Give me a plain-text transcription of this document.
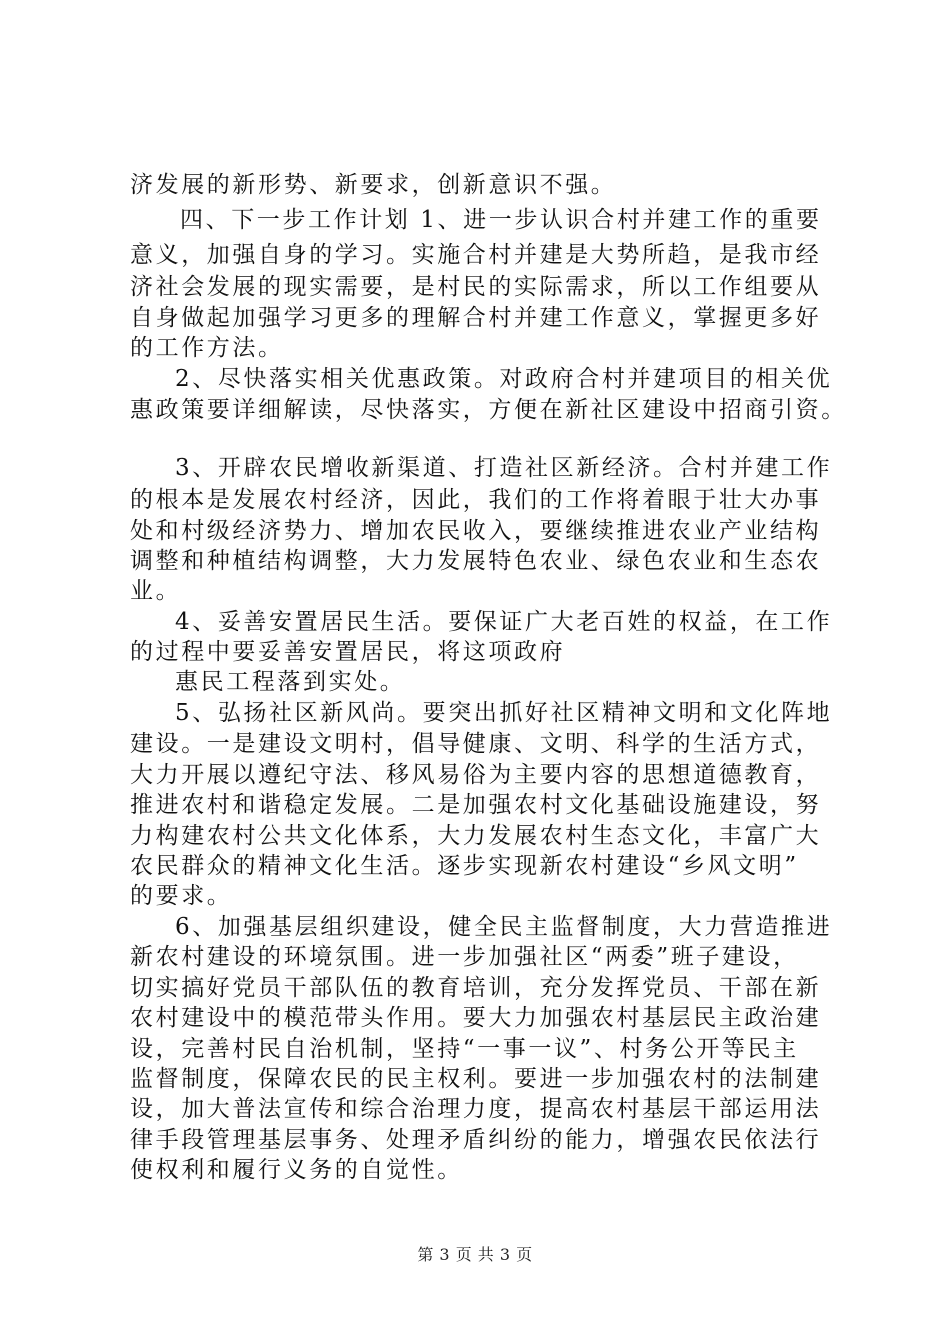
济发展的新形势、新要求，创新意识不强。
四、下一步工作计划 1、进一步认识合村并建工作的重要
意义，加强自身的学习。实施合村并建是大势所趋，是我市经
济社会发展的现实需要，是村民的实际需求，所以工作组要从
自身做起加强学习更多的理解合村并建工作意义，掌握更多好
的工作方法。
2、尽快落实相关优惠政策。对政府合村并建项目的相关优
惠政策要详细解读，尽快落实，方便在新社区建设中招商引资。
3、开辟农民增收新渠道、打造社区新经济。合村并建工作
的根本是发展农村经济，因此，我们的工作将着眼于壮大办事
处和村级经济势力、增加农民收入，要继续推进农业产业结构
调整和种植结构调整，大力发展特色农业、绿色农业和生态农
业。
4、妥善安置居民生活。要保证广大老百姓的权益，在工作
的过程中要妥善安置居民，将这项政府
惠民工程落到实处。
5、弘扬社区新风尚。要突出抓好社区精神文明和文化阵地
建设。一是建设文明村，倡导健康、文明、科学的生活方式，
大力开展以遵纪守法、移风易俗为主要内容的思想道德教育，
推进农村和谐稳定发展。二是加强农村文化基础设施建设，努
力构建农村公共文化体系，大力发展农村生态文化，丰富广大
农民群众的精神文化生活。逐步实现新农村建设“乡风文明”
的要求。
6、加强基层组织建设，健全民主监督制度，大力营造推进
新农村建设的环境氛围。进一步加强社区“两委”班子建设，
切实搞好党员干部队伍的教育培训，充分发挥党员、干部在新
农村建设中的模范带头作用。要大力加强农村基层民主政治建
设，完善村民自治机制，坚持“一事一议”、村务公开等民主
监督制度，保障农民的民主权利。要进一步加强农村的法制建
设，加大普法宣传和综合治理力度，提高农村基层干部运用法
律手段管理基层事务、处理矛盾纠纷的能力，增强农民依法行
使权利和履行义务的自觉性。
第 3 页 共 3 页
